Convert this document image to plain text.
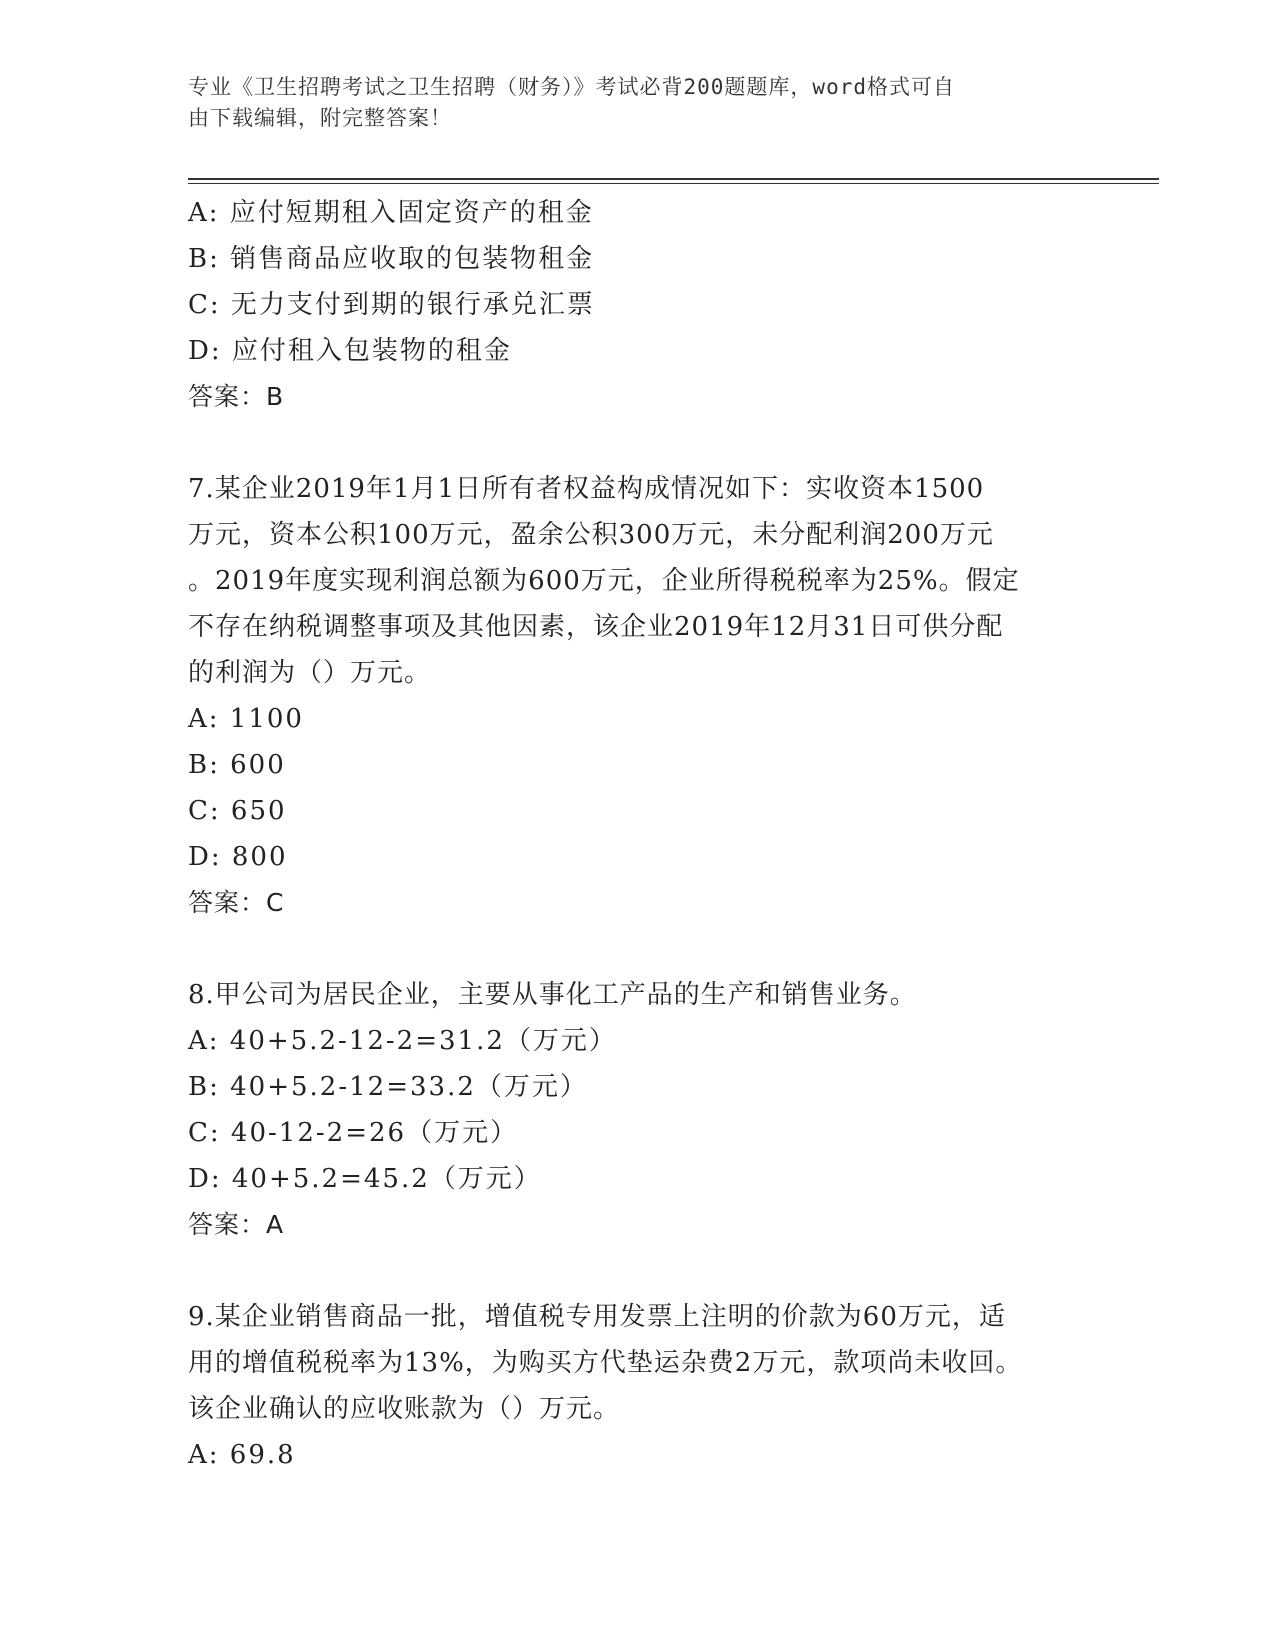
专业《卫生招聘考试之卫生招聘（财务）》考试必背200题题库，word格式可自
由下载编辑，附完整答案！
A: 应付短期租入固定资产的租金
B: 销售商品应收取的包装物租金
C: 无力支付到期的银行承兑汇票
D: 应付租入包装物的租金
答案：B
7.某企业2019年1月1日所有者权益构成情况如下：实收资本1500
万元，资本公积100万元，盈余公积300万元，未分配利润200万元
。2019年度实现利润总额为600万元，企业所得税税率为25%。假定
不存在纳税调整事项及其他因素，该企业2019年12月31日可供分配
的利润为（）万元。
A: 1100
B: 600
C: 650
D: 800
答案：C
8.甲公司为居民企业，主要从事化工产品的生产和销售业务。
A: 40+5.2-12-2=31.2（万元）
B: 40+5.2-12=33.2（万元）
C: 40-12-2=26（万元）
D: 40+5.2=45.2（万元）
答案：A
9.某企业销售商品一批，增值税专用发票上注明的价款为60万元，适
用的增值税税率为13%，为购买方代垫运杂费2万元，款项尚未收回。
该企业确认的应收账款为（）万元。
A: 69.8
